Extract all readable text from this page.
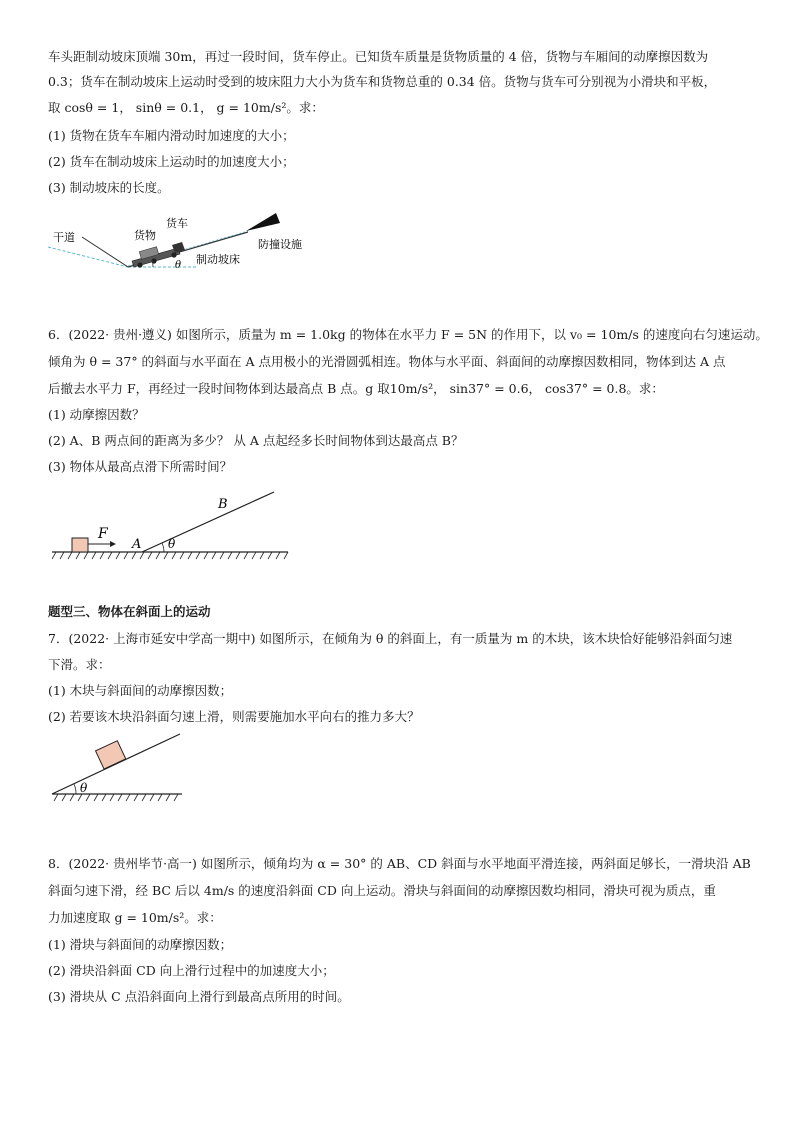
车头距制动坡床顶端 30m，再过一段时间，货车停止。已知货车质量是货物质量的 4 倍，货物与车厢间的动摩擦因数为
0.3；货车在制动坡床上运动时受到的坡床阻力大小为货车和货物总重的 0.34 倍。货物与货车可分别视为小滑块和平板，
取 cosθ = 1， sinθ = 0.1， g = 10m/s²。求：
(1) 货物在货车车厢内滑动时加速度的大小；
(2) 货车在制动坡床上运动时的加速度大小；
(3) 制动坡床的长度。
干道	货物
货车
防撞设施
制动坡床
θ
6．(2022· 贵州·遵义) 如图所示，质量为 m = 1.0kg 的物体在水平力 F = 5N 的作用下，以 v₀ = 10m/s 的速度向右匀速运动。
倾角为 θ = 37° 的斜面与水平面在 A 点用极小的光滑圆弧相连。物体与水平面、斜面间的动摩擦因数相同，物体到达 A 点
后撤去水平力 F，再经过一段时间物体到达最高点 B 点。g 取10m/s²， sin37° = 0.6， cos37° = 0.8。求：
(1) 动摩擦因数？
(2) A、B 两点间的距离为多少？ 从 A 点起经多长时间物体到达最高点 B？
(3) 物体从最高点滑下所需时间？
F
A
B
θ
题型三、物体在斜面上的运动
7．(2022· 上海市延安中学高一期中) 如图所示，在倾角为 θ 的斜面上，有一质量为 m 的木块，该木块恰好能够沿斜面匀速
下滑。求：
(1) 木块与斜面间的动摩擦因数；
(2) 若要该木块沿斜面匀速上滑，则需要施加水平向右的推力多大？
θ
8．(2022· 贵州毕节·高一) 如图所示，倾角均为 α = 30° 的 AB、CD 斜面与水平地面平滑连接，两斜面足够长，一滑块沿 AB
斜面匀速下滑，经 BC 后以 4m/s 的速度沿斜面 CD 向上运动。滑块与斜面间的动摩擦因数均相同，滑块可视为质点，重
力加速度取 g = 10m/s²。求：
(1) 滑块与斜面间的动摩擦因数；
(2) 滑块沿斜面 CD 向上滑行过程中的加速度大小；
(3) 滑块从 C 点沿斜面向上滑行到最高点所用的时间。
